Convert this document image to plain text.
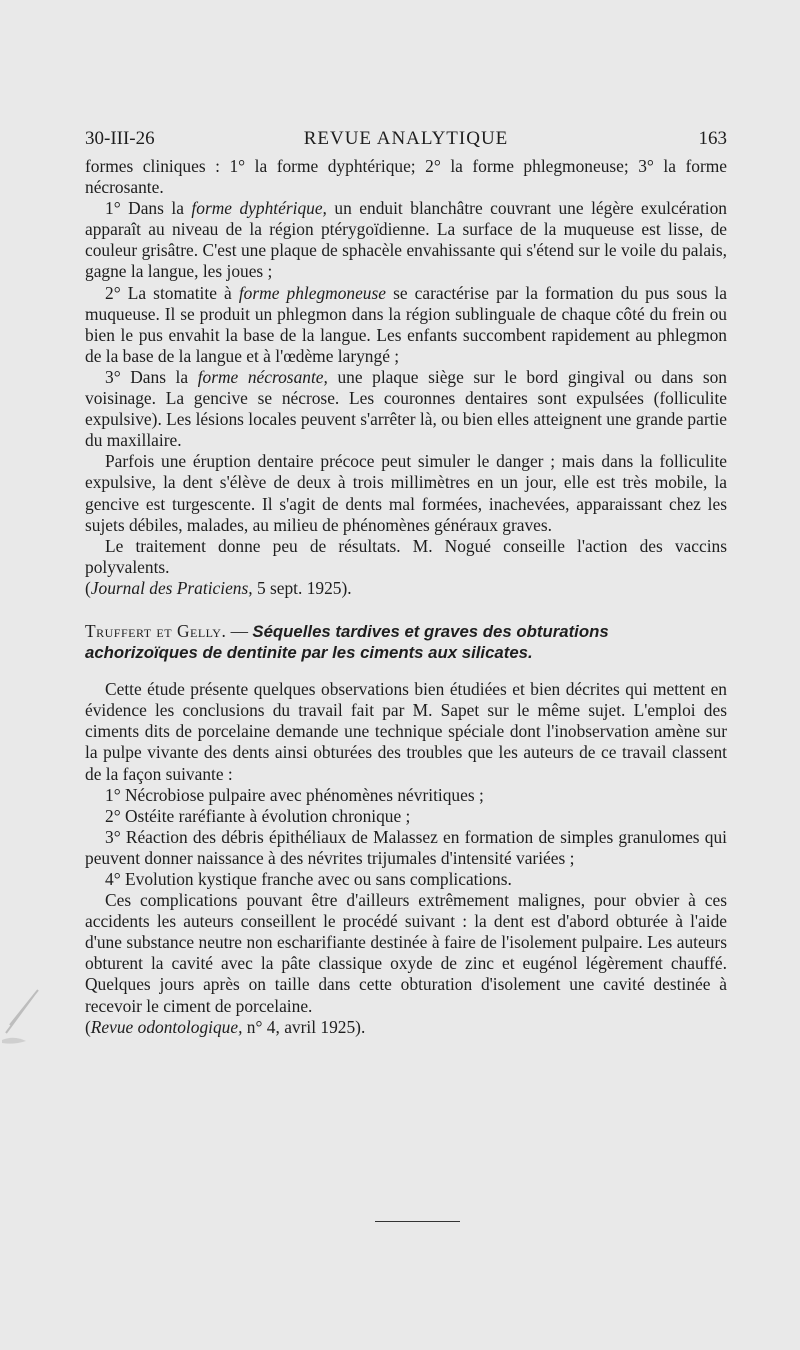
30-III-26	REVUE ANALYTIQUE	163

formes cliniques : 1° la forme dyphtérique; 2° la forme phlegmoneuse; 3° la forme nécrosante.

1° Dans la forme dyphtérique, un enduit blanchâtre couvrant une légère exulcération apparaît au niveau de la région ptérygoïdienne. La surface de la muqueuse est lisse, de couleur grisâtre. C'est une plaque de sphacèle envahissante qui s'étend sur le voile du palais, gagne la langue, les joues ;

2° La stomatite à forme phlegmoneuse se caractérise par la formation du pus sous la muqueuse. Il se produit un phlegmon dans la région sublinguale de chaque côté du frein ou bien le pus envahit la base de la langue. Les enfants succombent rapidement au phlegmon de la base de la langue et à l'œdème laryngé ;

3° Dans la forme nécrosante, une plaque siège sur le bord gingival ou dans son voisinage. La gencive se nécrose. Les couronnes dentaires sont expulsées (folliculite expulsive). Les lésions locales peuvent s'arrêter là, ou bien elles atteignent une grande partie du maxillaire.

Parfois une éruption dentaire précoce peut simuler le danger ; mais dans la folliculite expulsive, la dent s'élève de deux à trois millimètres en un jour, elle est très mobile, la gencive est turgescente. Il s'agit de dents mal formées, inachevées, apparaissant chez les sujets débiles, malades, au milieu de phénomènes généraux graves.

Le traitement donne peu de résultats. M. Nogué conseille l'action des vaccins polyvalents.

(Journal des Praticiens, 5 sept. 1925).

Truffert et Gelly. — Séquelles tardives et graves des obturations

achorizoïques de dentinite par les ciments aux silicates.

Cette étude présente quelques observations bien étudiées et bien décrites qui mettent en évidence les conclusions du travail fait par M. Sapet sur le même sujet. L'emploi des ciments dits de porcelaine demande une technique spéciale dont l'inobservation amène sur la pulpe vivante des dents ainsi obturées des troubles que les auteurs de ce travail classent de la façon suivante :

1° Nécrobiose pulpaire avec phénomènes névritiques ;

2° Ostéite raréfiante à évolution chronique ;

3° Réaction des débris épithéliaux de Malassez en formation de simples granulomes qui peuvent donner naissance à des névrites trijumales d'intensité variées ;

4° Evolution kystique franche avec ou sans complications.

Ces complications pouvant être d'ailleurs extrêmement malignes, pour obvier à ces accidents les auteurs conseillent le procédé suivant : la dent est d'abord obturée à l'aide d'une substance neutre non escharifiante destinée à faire de l'isolement pulpaire. Les auteurs obturent la cavité avec la pâte classique oxyde de zinc et eugénol légèrement chauffé. Quelques jours après on taille dans cette obturation d'isolement une cavité destinée à recevoir le ciment de porcelaine.

(Revue odontologique, n° 4, avril 1925).
